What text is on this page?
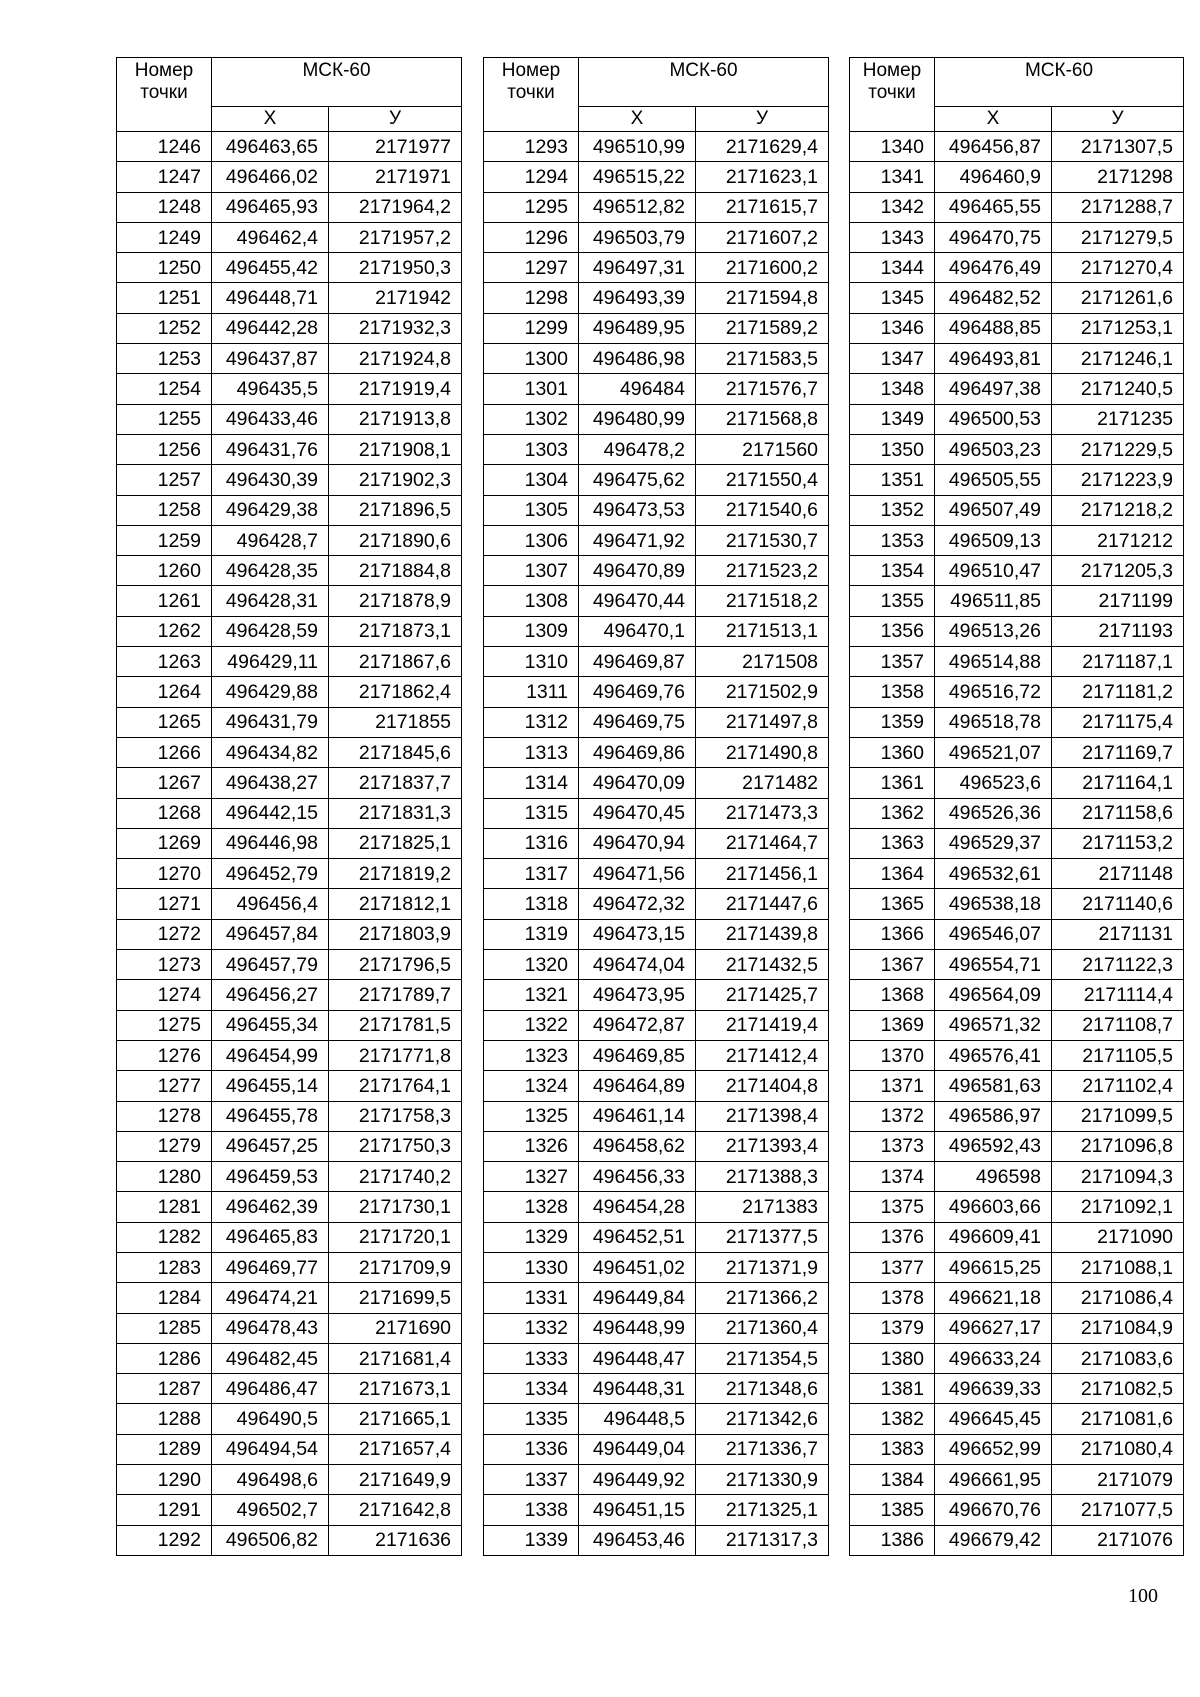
Номер точки	МСК-60	
	Х	У
1246	496463,65	2171977
1247	496466,02	2171971
1248	496465,93	2171964,2
1249	496462,4	2171957,2
1250	496455,42	2171950,3
1251	496448,71	2171942
1252	496442,28	2171932,3
1253	496437,87	2171924,8
1254	496435,5	2171919,4
1255	496433,46	2171913,8
1256	496431,76	2171908,1
1257	496430,39	2171902,3
1258	496429,38	2171896,5
1259	496428,7	2171890,6
1260	496428,35	2171884,8
1261	496428,31	2171878,9
1262	496428,59	2171873,1
1263	496429,11	2171867,6
1264	496429,88	2171862,4
1265	496431,79	2171855
1266	496434,82	2171845,6
1267	496438,27	2171837,7
1268	496442,15	2171831,3
1269	496446,98	2171825,1
1270	496452,79	2171819,2
1271	496456,4	2171812,1
1272	496457,84	2171803,9
1273	496457,79	2171796,5
1274	496456,27	2171789,7
1275	496455,34	2171781,5
1276	496454,99	2171771,8
1277	496455,14	2171764,1
1278	496455,78	2171758,3
1279	496457,25	2171750,3
1280	496459,53	2171740,2
1281	496462,39	2171730,1
1282	496465,83	2171720,1
1283	496469,77	2171709,9
1284	496474,21	2171699,5
1285	496478,43	2171690
1286	496482,45	2171681,4
1287	496486,47	2171673,1
1288	496490,5	2171665,1
1289	496494,54	2171657,4
1290	496498,6	2171649,9
1291	496502,7	2171642,8
1292	496506,82	2171636
Номер точки	МСК-60	
	Х	У
1293	496510,99	2171629,4
1294	496515,22	2171623,1
1295	496512,82	2171615,7
1296	496503,79	2171607,2
1297	496497,31	2171600,2
1298	496493,39	2171594,8
1299	496489,95	2171589,2
1300	496486,98	2171583,5
1301	496484	2171576,7
1302	496480,99	2171568,8
1303	496478,2	2171560
1304	496475,62	2171550,4
1305	496473,53	2171540,6
1306	496471,92	2171530,7
1307	496470,89	2171523,2
1308	496470,44	2171518,2
1309	496470,1	2171513,1
1310	496469,87	2171508
1311	496469,76	2171502,9
1312	496469,75	2171497,8
1313	496469,86	2171490,8
1314	496470,09	2171482
1315	496470,45	2171473,3
1316	496470,94	2171464,7
1317	496471,56	2171456,1
1318	496472,32	2171447,6
1319	496473,15	2171439,8
1320	496474,04	2171432,5
1321	496473,95	2171425,7
1322	496472,87	2171419,4
1323	496469,85	2171412,4
1324	496464,89	2171404,8
1325	496461,14	2171398,4
1326	496458,62	2171393,4
1327	496456,33	2171388,3
1328	496454,28	2171383
1329	496452,51	2171377,5
1330	496451,02	2171371,9
1331	496449,84	2171366,2
1332	496448,99	2171360,4
1333	496448,47	2171354,5
1334	496448,31	2171348,6
1335	496448,5	2171342,6
1336	496449,04	2171336,7
1337	496449,92	2171330,9
1338	496451,15	2171325,1
1339	496453,46	2171317,3
Номер точки	МСК-60	
	Х	У
1340	496456,87	2171307,5
1341	496460,9	2171298
1342	496465,55	2171288,7
1343	496470,75	2171279,5
1344	496476,49	2171270,4
1345	496482,52	2171261,6
1346	496488,85	2171253,1
1347	496493,81	2171246,1
1348	496497,38	2171240,5
1349	496500,53	2171235
1350	496503,23	2171229,5
1351	496505,55	2171223,9
1352	496507,49	2171218,2
1353	496509,13	2171212
1354	496510,47	2171205,3
1355	496511,85	2171199
1356	496513,26	2171193
1357	496514,88	2171187,1
1358	496516,72	2171181,2
1359	496518,78	2171175,4
1360	496521,07	2171169,7
1361	496523,6	2171164,1
1362	496526,36	2171158,6
1363	496529,37	2171153,2
1364	496532,61	2171148
1365	496538,18	2171140,6
1366	496546,07	2171131
1367	496554,71	2171122,3
1368	496564,09	2171114,4
1369	496571,32	2171108,7
1370	496576,41	2171105,5
1371	496581,63	2171102,4
1372	496586,97	2171099,5
1373	496592,43	2171096,8
1374	496598	2171094,3
1375	496603,66	2171092,1
1376	496609,41	2171090
1377	496615,25	2171088,1
1378	496621,18	2171086,4
1379	496627,17	2171084,9
1380	496633,24	2171083,6
1381	496639,33	2171082,5
1382	496645,45	2171081,6
1383	496652,99	2171080,4
1384	496661,95	2171079
1385	496670,76	2171077,5
1386	496679,42	2171076
100
